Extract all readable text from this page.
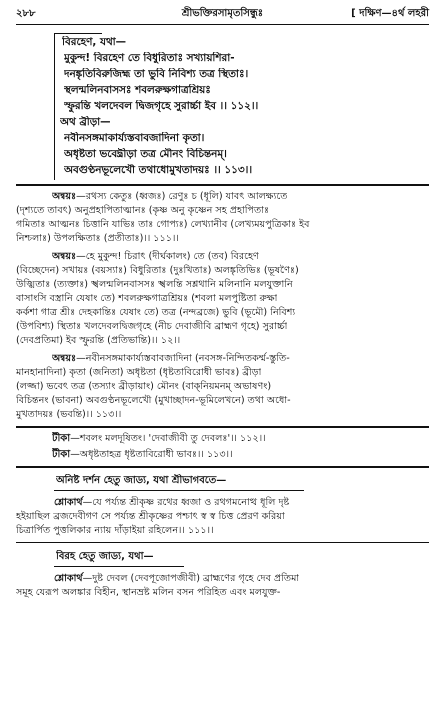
২৮৮	শ্রীভক্তিরসামৃতসিন্ধুঃ	[ দক্ষিণ—৪র্থ লহরী
বিরহেণ, যথা—
মুকুন্দ! বিরহেণ তে বিধুরিতাঃ সখ্যায়শিরা-
দনঙ্কৃতিবিরুজিহ্ম তা ভুবি নিবিশ্য তত্র স্থিতাঃ।
স্থলন্মলিনবাসসঃ শবলরুক্ষগাত্রশ্রিয়ঃ
স্ফুরন্তি খলদেবল দ্বিজগৃহে সুরার্চ্চা ইব ।। ১১২।।
অথ ব্রীড়া—
নবীনসঙ্গমাকার্য্যস্তবাবজাদিনা কৃতা।
অধৃষ্টতা ভবেদ্ব্রীড়া তত্র মৌনং বিচিন্তনম্।
অবগুণ্ঠনভূলেখৌ তথাধোমুখতাদয়ঃ ।। ১১৩।।
অন্বয়ঃ—রথস্য কেতুঃ (ধ্বজঃ) রেণুঃ চ (ধূলি) যাবৎ আলক্ষ্যতে
(দৃশ্যতে তাবৎ) অনুপ্রহাপিতাত্মানঃ (কৃষ্ণ অনু কৃষ্ণেন সহ প্রহাপিতাঃ
গমিতাঃ আত্মনঃ চিত্তানি যাভিঃ তাঃ গোপ্যঃ) লেখ্যানীব (লেখ্যময়পুত্রিকাঃ ইব
নিশ্চলাঃ) উপলক্ষিতাঃ (প্রতীতাঃ)।। ১১১।।
অন্বয়ঃ—হে মুকুন্দ! চিরাৎ (দীর্ঘকালং) তে (তব) বিরহেণ
(বিচ্ছেদেন) সখায়ঃ (বয়স্যাঃ) বিধুরিতাঃ (দুঃখিতাঃ) অলঙ্কৃতিভিঃ (ভূষণৈঃ)
উজ্ঝিতাঃ (ত্যক্তাঃ) স্খলন্মলিনবাসসঃ স্খলন্তি সশ্লথানি মলিনানি মলযুক্তানি
বাসাংসি বস্ত্রানি যেষাং তে) শবলরুক্ষগাত্রশ্রিয়ঃ (শবলা মলপুষ্টিতা রুক্ষা
কর্কশা গাত্র শ্রীঃ দেহকান্তিঃ যেষাং তে) তত্র (নন্দব্রজে) ভুবি (ভূমৌ) নিবিশ্য
(উপবিশ্য) স্থিতাঃ খলদেবলদ্বিজগৃহে (নীচ দেবাজীবি ব্রাহ্মণ গৃহে) সুরার্চ্চা
(দেবপ্রতিমা) ইব স্ফুরন্তি (প্রতিভান্তি)।। ১২।।
অন্বয়ঃ—নবীনসঙ্গমাকার্য্যস্তবাবজাদিনা (নবসঙ্গ-নিন্দিতকর্ম্ম-স্তুতি-
মানহানাদিনা) কৃতা (জনিতা) অধৃষ্টতা (ধৃষ্টতাবিরোধী ভাবঃ) ব্রীড়া
(লজ্জা) ভবেৎ তত্র (তস্যাং ব্রীড়ায়াং) মৌনং (বাক্‌নিয়মনম্ অভাষণং)
বিচিন্তনং (ভাবনা) অবগুণ্ঠনভূলেখৌ (মুখাচ্ছাদন-ভূমিলেখনে) তথা অধো-
মুখতাদয়ঃ (ভবন্তি)।। ১১৩।।
টীকা—শবলং মলদূষিতং। 'দেবাজীবী তু দেবলঃ'।। ১১২।।
টীকা—অধৃষ্টতাহত্র ধৃষ্টতাবিরোধী ভাবঃ।। ১১৩।।
অনিষ্ট দর্শন হেতু জাড্য, যথা শ্রীভাগবতে—
শ্লোকার্থ—যে পর্য্যন্ত শ্রীকৃষ্ণ রথের ধ্বজা ও রথগমনোত্থ ধূলি দৃষ্ট
হইয়াছিল ব্রজদেবীগণ সে পর্য্যন্ত শ্রীকৃষ্ণের পশ্চাৎ স্ব স্ব চিত্ত প্রেরণ করিয়া
চিত্রার্পিত পুত্তলিকার ন্যায় দাঁড়াইয়া রহিলেন।। ১১১।।
বিরহ হেতু জাড্য, যথা—
শ্লোকার্থ—দুষ্ট দেবল (দেবপূজোপজীবী) ব্রাহ্মণের গৃহে দেব প্রতিমা
সমূহ যেরূপ অলঙ্কার বিহীন, স্থানভ্রষ্ট মলিন বসন পরিহিত এবং মলযুক্ত-
